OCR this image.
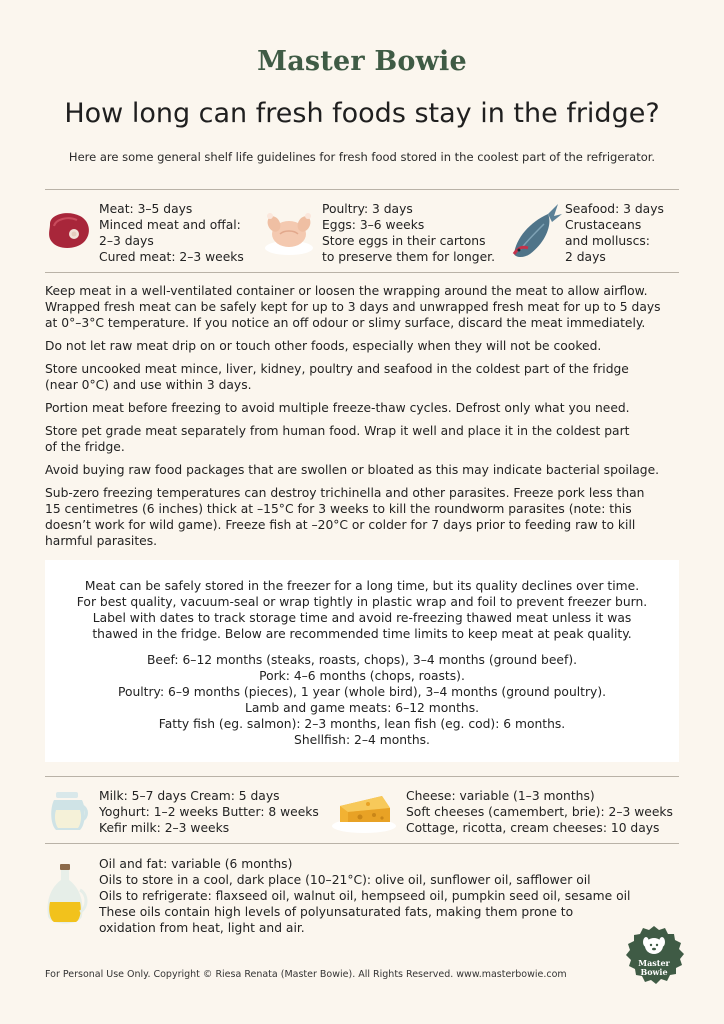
Master Bowie
How long can fresh foods stay in the fridge?
Here are some general shelf life guidelines for fresh food stored in the coolest part of the refrigerator.
Meat: 3–5 days
Minced meat and offal:
2–3 days
Cured meat: 2–3 weeks
Poultry: 3 days
Eggs: 3–6 weeks
Store eggs in their cartons
to preserve them for longer.
Seafood: 3 days
Crustaceans
and molluscs:
2 days
Keep meat in a well-ventilated container or loosen the wrapping around the meat to allow airflow.
Wrapped fresh meat can be safely kept for up to 3 days and unwrapped fresh meat for up to 5 days
at 0°–3°C temperature. If you notice an off odour or slimy surface, discard the meat immediately.
Do not let raw meat drip on or touch other foods, especially when they will not be cooked.
Store uncooked meat mince, liver, kidney, poultry and seafood in the coldest part of the fridge
(near 0°C) and use within 3 days.
Portion meat before freezing to avoid multiple freeze-thaw cycles. Defrost only what you need.
Store pet grade meat separately from human food. Wrap it well and place it in the coldest part
of the fridge.
Avoid buying raw food packages that are swollen or bloated as this may indicate bacterial spoilage.
Sub-zero freezing temperatures can destroy trichinella and other parasites. Freeze pork less than
15 centimetres (6 inches) thick at –15°C for 3 weeks to kill the roundworm parasites (note: this
doesn’t work for wild game). Freeze fish at –20°C or colder for 7 days prior to feeding raw to kill
harmful parasites.
Meat can be safely stored in the freezer for a long time, but its quality declines over time.
For best quality, vacuum-seal or wrap tightly in plastic wrap and foil to prevent freezer burn.
Label with dates to track storage time and avoid re-freezing thawed meat unless it was
thawed in the fridge. Below are recommended time limits to keep meat at peak quality.
Beef: 6–12 months (steaks, roasts, chops), 3–4 months (ground beef).
Pork: 4–6 months (chops, roasts).
Poultry: 6–9 months (pieces), 1 year (whole bird), 3–4 months (ground poultry).
Lamb and game meats: 6–12 months.
Fatty fish (eg. salmon): 2–3 months, lean fish (eg. cod): 6 months.
Shellfish: 2–4 months.
Milk: 5–7 days Cream: 5 days
Yoghurt: 1–2 weeks Butter: 8 weeks
Kefir milk: 2–3 weeks
Cheese: variable (1–3 months)
Soft cheeses (camembert, brie): 2–3 weeks
Cottage, ricotta, cream cheeses: 10 days
Oil and fat: variable (6 months)
Oils to store in a cool, dark place (10–21°C): olive oil, sunflower oil, safflower oil
Oils to refrigerate: flaxseed oil, walnut oil, hempseed oil, pumpkin seed oil, sesame oil
These oils contain high levels of polyunsaturated fats, making them prone to
oxidation from heat, light and air.
For Personal Use Only. Copyright © Riesa Renata (Master Bowie). All Rights Reserved. www.masterbowie.com
Master
Bowie
